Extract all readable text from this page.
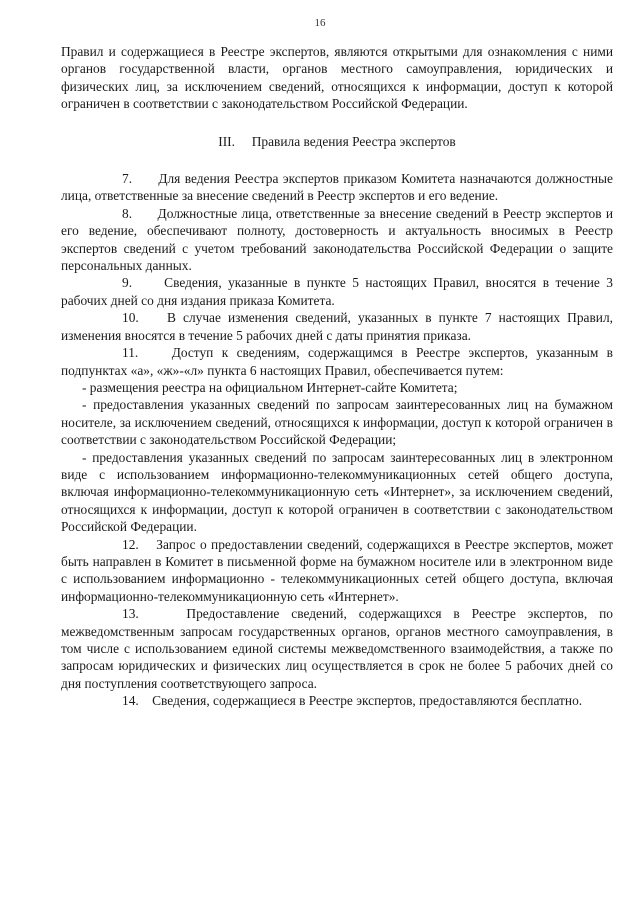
16

Правил и содержащиеся в Реестре экспертов, являются открытыми для ознакомления с ними органов государственной власти, органов местного самоуправления, юридических и физических лиц, за исключением сведений, относящихся к информации, доступ к которой ограничен в соответствии с законодательством Российской Федерации.

III.     Правила ведения Реестра экспертов

7.      Для ведения Реестра экспертов приказом Комитета назначаются должностные лица, ответственные за внесение сведений в Реестр экспертов и его ведение.

8.      Должностные лица, ответственные за внесение сведений в Реестр экспертов и его ведение, обеспечивают полноту, достоверность и актуальность вносимых в Реестр экспертов сведений с учетом требований законодательства Российской Федерации о защите персональных данных.

9.     Сведения, указанные в пункте 5 настоящих Правил, вносятся в течение 3 рабочих дней со дня издания приказа Комитета.

10.    В случае изменения сведений, указанных в пункте 7 настоящих Правил, изменения вносятся в течение 5 рабочих дней с даты принятия приказа.

11.    Доступ к сведениям, содержащимся в Реестре экспертов, указанным в подпунктах «а», «ж»-«л» пункта 6 настоящих Правил, обеспечивается путем:

- размещения реестра на официальном Интернет-сайте Комитета;

- предоставления указанных сведений по запросам заинтересованных лиц на бумажном носителе, за исключением сведений, относящихся к информации, доступ к которой ограничен в соответствии с законодательством Российской Федерации;

- предоставления указанных сведений по запросам заинтересованных лиц в электронном виде с использованием информационно-телекоммуникационных сетей общего доступа, включая информационно-телекоммуникационную сеть «Интернет», за исключением сведений, относящихся к информации, доступ к которой ограничен в соответствии с законодательством Российской Федерации.

12.    Запрос о предоставлении сведений, содержащихся в Реестре экспертов, может быть направлен в Комитет в письменной форме на бумажном носителе или в электронном виде с использованием информационно - телекоммуникационных сетей общего доступа, включая информационно-телекоммуникационную сеть «Интернет».

13.    Предоставление сведений, содержащихся в Реестре экспертов, по межведомственным запросам государственных органов, органов местного самоуправления, в том числе с использованием единой системы межведомственного взаимодействия, а также по запросам юридических и физических лиц осуществляется в срок не более 5 рабочих дней со дня поступления соответствующего запроса.

14.    Сведения, содержащиеся в Реестре экспертов, предоставляются бесплатно.
